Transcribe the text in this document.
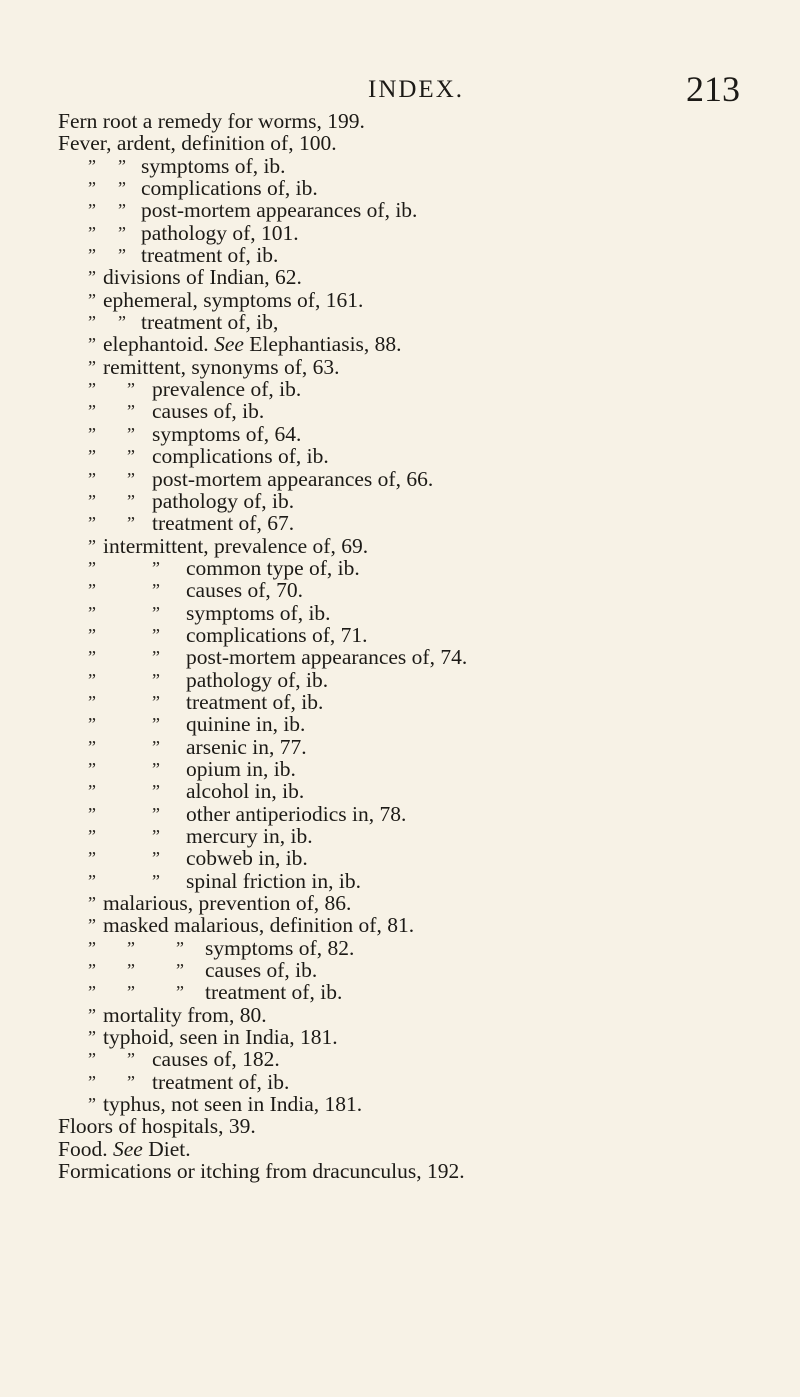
INDEX.	213
Fern root a remedy for worms, 199.
Fever, ardent, definition of, 100.
” ” symptoms of, ib.
” ” complications of, ib.
” ” post-mortem appearances of, ib.
” ” pathology of, 101.
” ” treatment of, ib.
” divisions of Indian, 62.
” ephemeral, symptoms of, 161.
” ” treatment of, ib,
” elephantoid. See Elephantiasis, 88.
” remittent, synonyms of, 63.
” ” prevalence of, ib.
” ” causes of, ib.
” ” symptoms of, 64.
” ” complications of, ib.
” ” post-mortem appearances of, 66.
” ” pathology of, ib.
” ” treatment of, 67.
” intermittent, prevalence of, 69.
”	” common type of, ib.
”	” causes of, 70.
”	” symptoms of, ib.
”	” complications of, 71.
”	” post-mortem appearances of, 74.
”	” pathology of, ib.
”	” treatment of, ib.
”	” quinine in, ib.
”	” arsenic in, 77.
”	” opium in, ib.
”	” alcohol in, ib.
”	” other antiperiodics in, 78.
”	” mercury in, ib.
”	” cobweb in, ib.
”	” spinal friction in, ib.
” malarious, prevention of, 86.
” masked malarious, definition of, 81.
” ” ” symptoms of, 82.
” ” ” causes of, ib.
” ” ” treatment of, ib.
” mortality from, 80.
” typhoid, seen in India, 181.
” ” causes of, 182.
” ” treatment of, ib.
” typhus, not seen in India, 181.
Floors of hospitals, 39.
Food. See Diet.
Formications or itching from dracunculus, 192.
